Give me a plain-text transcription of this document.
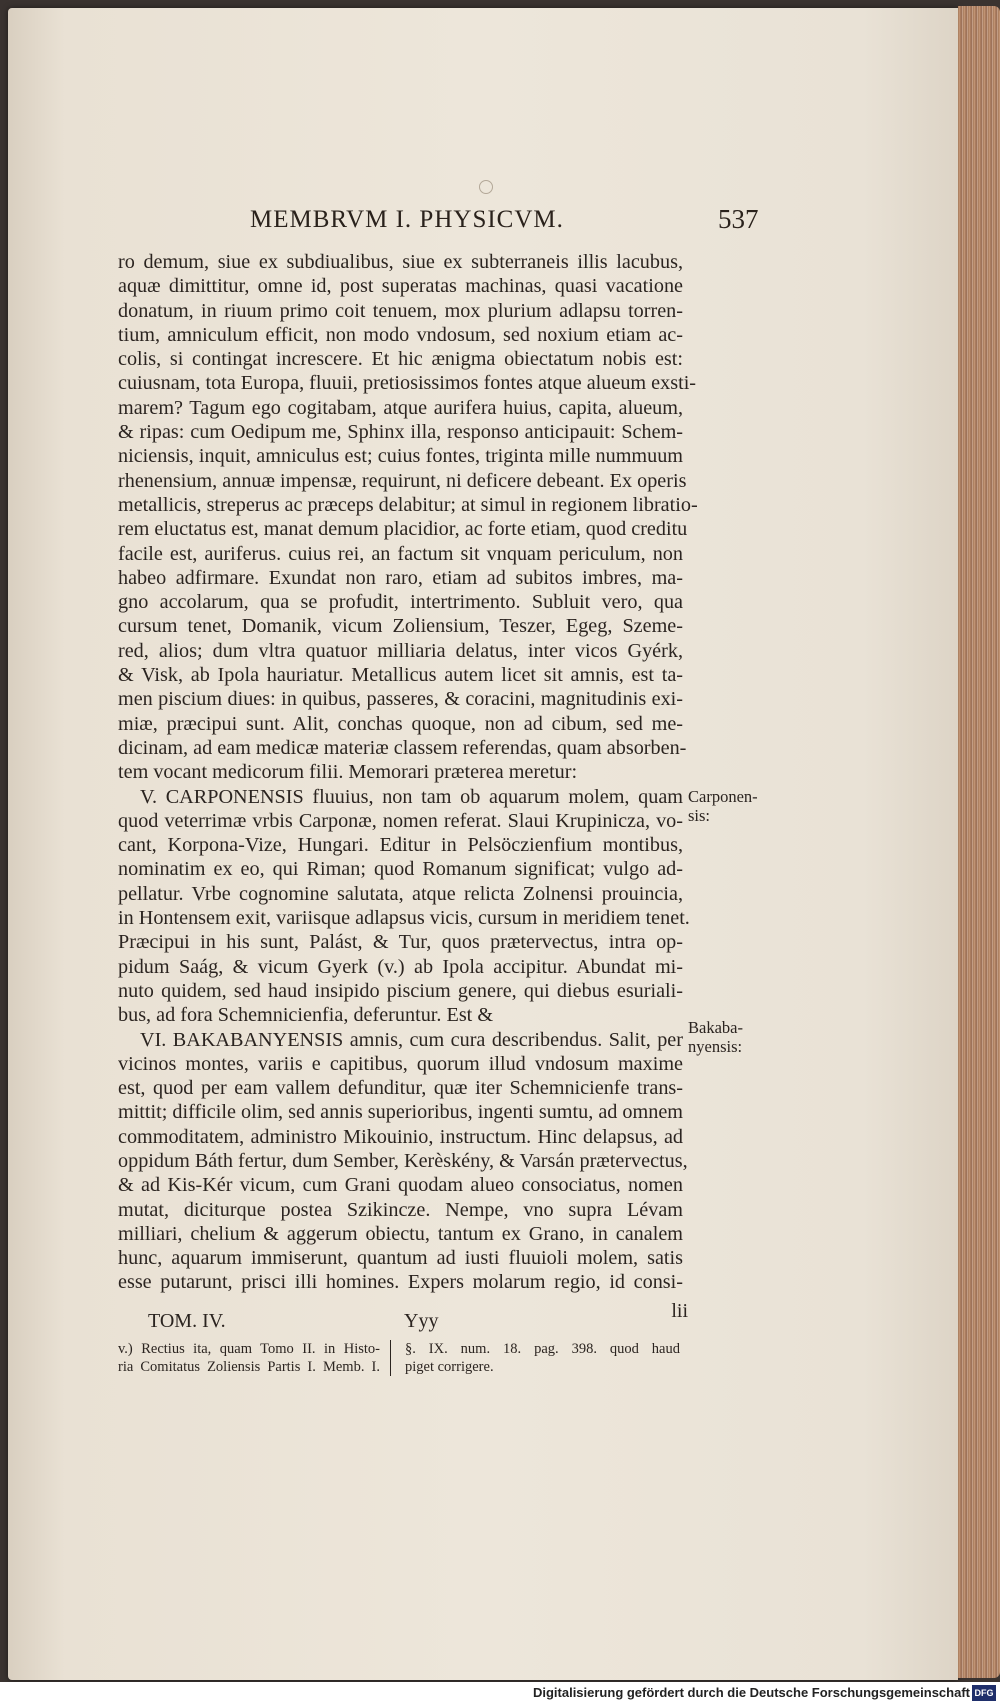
MEMBRVM I. PHYSICVM.	537
ro demum, siue ex subdiualibus, siue ex subterraneis illis lacubus,
aquæ dimittitur, omne id, post superatas machinas, quasi vacatione
donatum, in riuum primo coit tenuem, mox plurium adlapsu torren-
tium, amniculum efficit, non modo vndosum, sed noxium etiam ac-
colis, si contingat increscere. Et hic ænigma obiectatum nobis est:
cuiusnam, tota Europa, fluuii, pretiosissimos fontes atque alueum exsti-
marem? Tagum ego cogitabam, atque aurifera huius, capita, alueum,
& ripas: cum Oedipum me, Sphinx illa, responso anticipauit: Schem-
niciensis, inquit, amniculus est; cuius fontes, triginta mille nummuum
rhenensium, annuæ impensæ, requirunt, ni deficere debeant. Ex operis
metallicis, streperus ac præceps delabitur; at simul in regionem libratio-
rem eluctatus est, manat demum placidior, ac forte etiam, quod creditu
facile est, auriferus. cuius rei, an factum sit vnquam periculum, non
habeo adfirmare. Exundat non raro, etiam ad subitos imbres, ma-
gno accolarum, qua se profudit, intertrimento. Subluit vero, qua
cursum tenet, Domanik, vicum Zoliensium, Teszer, Egeg, Szeme-
red, alios; dum vltra quatuor milliaria delatus, inter vicos Gyérk,
& Visk, ab Ipola hauriatur. Metallicus autem licet sit amnis, est ta-
men piscium diues: in quibus, passeres, & coracini, magnitudinis exi-
miæ, præcipui sunt. Alit, conchas quoque, non ad cibum, sed me-
dicinam, ad eam medicæ materiæ classem referendas, quam absorben-
tem vocant medicorum filii. Memorari præterea meretur:
V. CARPONENSIS fluuius, non tam ob aquarum molem, quam
quod veterrimæ vrbis Carponæ, nomen referat. Slaui Krupinicza, vo-
cant, Korpona-Vize, Hungari. Editur in Pelsöczienfium montibus,
nominatim ex eo, qui Riman; quod Romanum significat; vulgo ad-
pellatur. Vrbe cognomine salutata, atque relicta Zolnensi prouincia,
in Hontensem exit, variisque adlapsus vicis, cursum in meridiem tenet.
Præcipui in his sunt, Palást, & Tur, quos prætervectus, intra op-
pidum Saág, & vicum Gyerk (v.) ab Ipola accipitur. Abundat mi-
nuto quidem, sed haud insipido piscium genere, qui diebus esuriali-
bus, ad fora Schemnicienfia, deferuntur. Est &
VI. BAKABANYENSIS amnis, cum cura describendus. Salit, per
vicinos montes, variis e capitibus, quorum illud vndosum maxime
est, quod per eam vallem defunditur, quæ iter Schemnicienfe trans-
mittit; difficile olim, sed annis superioribus, ingenti sumtu, ad omnem
commoditatem, administro Mikouinio, instructum. Hinc delapsus, ad
oppidum Báth fertur, dum Sember, Kerèskény, & Varsán prætervectus,
& ad Kis-Kér vicum, cum Grani quodam alueo consociatus, nomen
mutat, diciturque postea Szikincze. Nempe, vno supra Lévam
milliari, chelium & aggerum obiectu, tantum ex Grano, in canalem
hunc, aquarum immiserunt, quantum ad iusti fluuioli molem, satis
esse putarunt, prisci illi homines. Expers molarum regio, id consi-
Carponen-
sis:
Bakaba-
nyensis:
TOM. IV.	Yyy	lii
v.) Rectius ita, quam Tomo II. in Histo-
ria Comitatus Zoliensis Partis I. Memb. I.
§. IX. num. 18. pag. 398. quod haud
piget corrigere.
Digitalisierung gefördert durch die Deutsche Forschungsgemeinschaft DFG
